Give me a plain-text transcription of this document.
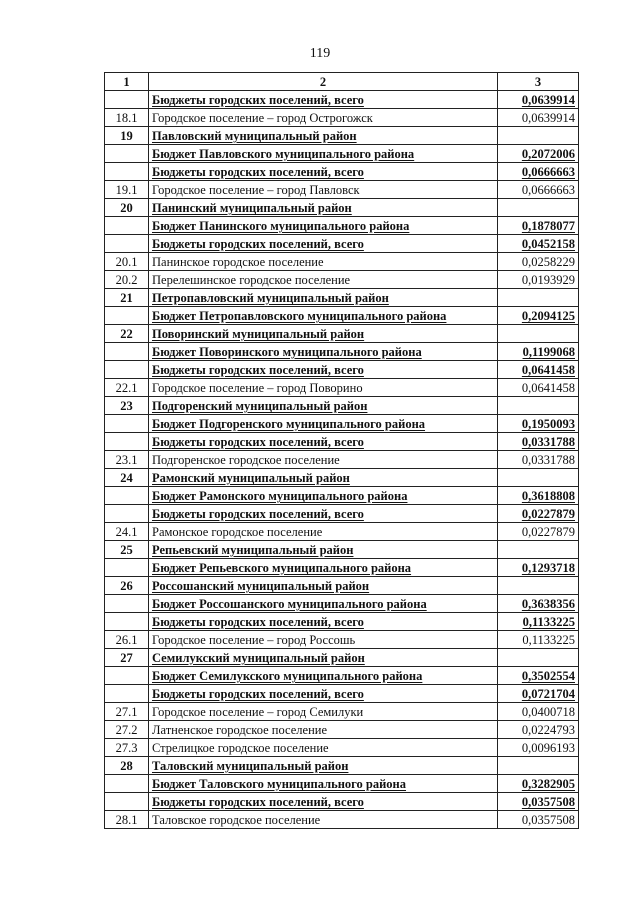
119
1	2	3
	Бюджеты городских поселений, всего	0,0639914
18.1	Городское поселение – город Острогожск	0,0639914
19	Павловский муниципальный район	
	Бюджет Павловского муниципального района	0,2072006
	Бюджеты городских поселений, всего	0,0666663
19.1	Городское поселение – город Павловск	0,0666663
20	Панинский муниципальный район	
	Бюджет Панинского муниципального района	0,1878077
	Бюджеты городских поселений, всего	0,0452158
20.1	Панинское городское поселение	0,0258229
20.2	Перелешинское городское поселение	0,0193929
21	Петропавловский муниципальный район	
	Бюджет Петропавловского муниципального района	0,2094125
22	Поворинский муниципальный район	
	Бюджет Поворинского муниципального района	0,1199068
	Бюджеты городских поселений, всего	0,0641458
22.1	Городское поселение – город Поворино	0,0641458
23	Подгоренский муниципальный район	
	Бюджет Подгоренского муниципального района	0,1950093
	Бюджеты городских поселений, всего	0,0331788
23.1	Подгоренское городское поселение	0,0331788
24	Рамонский муниципальный район	
	Бюджет Рамонского муниципального района	0,3618808
	Бюджеты городских поселений, всего	0,0227879
24.1	Рамонское городское поселение	0,0227879
25	Репьевский муниципальный район	
	Бюджет Репьевского муниципального района	0,1293718
26	Россошанский муниципальный район	
	Бюджет Россошанского муниципального района	0,3638356
	Бюджеты городских поселений, всего	0,1133225
26.1	Городское поселение – город Россошь	0,1133225
27	Семилукский муниципальный район	
	Бюджет Семилукского муниципального района	0,3502554
	Бюджеты городских поселений, всего	0,0721704
27.1	Городское поселение – город Семилуки	0,0400718
27.2	Латненское городское поселение	0,0224793
27.3	Стрелицкое городское поселение	0,0096193
28	Таловский муниципальный район	
	Бюджет Таловского муниципального района	0,3282905
	Бюджеты городских поселений, всего	0,0357508
28.1	Таловское городское поселение	0,0357508
